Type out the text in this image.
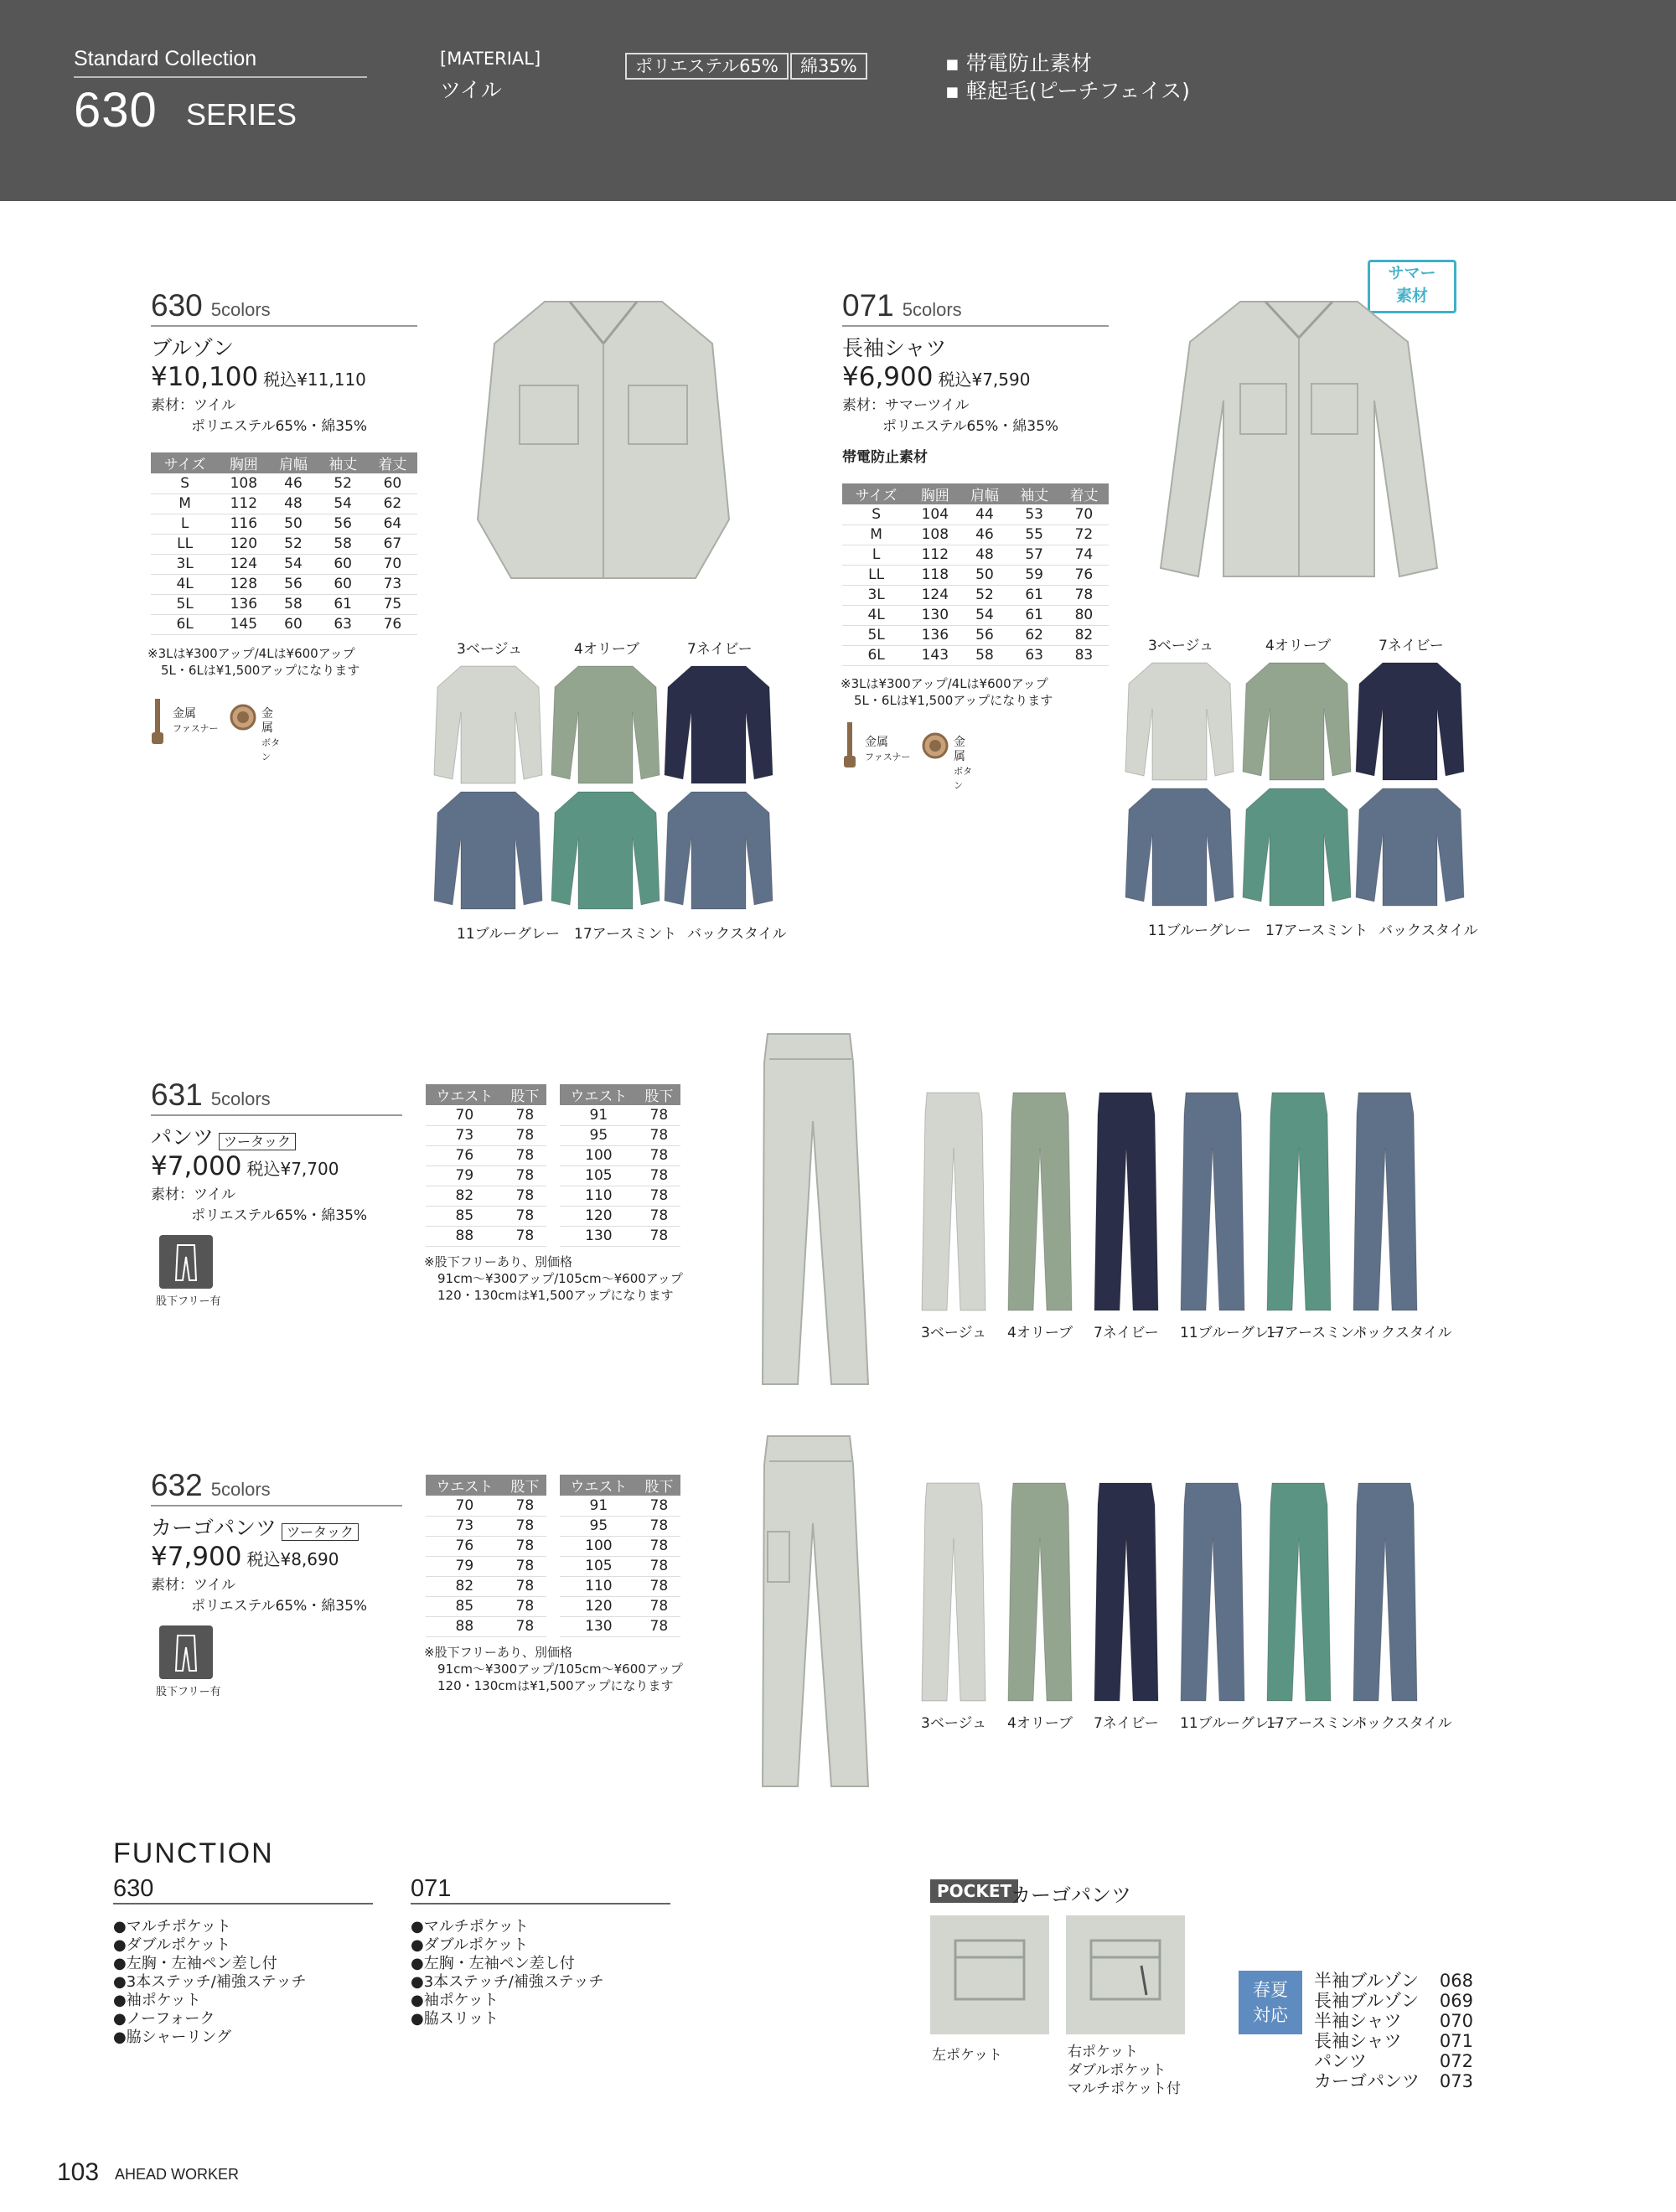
Standard Collection
630 SERIES
[MATERIAL]
ツイル
ポリエステル65%	綿35%	▪ 帯電防止素材
▪ 軽起毛(ピーチフェイス)
630 5colors
ブルゾン
¥10,100 税込¥11,110
素材：ツイル
ポリエステル65%・綿35%
サイズ	胸囲	肩幅	袖丈	着丈
S	108	46	52	60
M	112	48	54	62
L	116	50	56	64
LL	120	52	58	67
3L	124	54	60	70
4L	128	56	60	73
5L	136	58	61	75
6L	145	60	63	76
※3Lは¥300アップ/4Lは¥600アップ
5L・6Lは¥1,500アップになります
金属
ファスナー
金属
ボタン
3ベージュ	4オリーブ	7ネイビー
11ブルーグレー 17アースミント バックスタイル
071 5colors
長袖シャツ
¥6,900 税込¥7,590
素材：サマーツイル
ポリエステル65%・綿35%
帯電防止素材
サマー
素材
サイズ	胸囲	肩幅	袖丈	着丈
S	104	44	53	70
M	108	46	55	72
L	112	48	57	74
LL	118	50	59	76
3L	124	52	61	78
4L	130	54	61	80
5L	136	56	62	82
6L	143	58	63	83
※3Lは¥300アップ/4Lは¥600アップ
5L・6Lは¥1,500アップになります
金属
ファスナー
金属
ボタン
3ベージュ	4オリーブ	7ネイビー
11ブルーグレー 17アースミント バックスタイル
631 5colors
パンツ ツータック
¥7,000 税込¥7,700
素材：ツイル
ポリエステル65%・綿35%
股下フリー有
ウエスト	股下
70	78
73	78
76	78
79	78
82	78
85	78
88	78
ウエスト	股下
91	78
95	78
100	78
105	78
110	78
120	78
130	78
※股下フリーあり、別価格
91cm〜¥300アップ/105cm〜¥600アップ
120・130cmは¥1,500アップになります
3ベージュ 4オリーブ 7ネイビー 11ブルーグレー
17アースミント
バックスタイル
632 5colors
カーゴパンツ ツータック
¥7,900 税込¥8,690
素材：ツイル
ポリエステル65%・綿35%
股下フリー有
ウエスト	股下
70	78
73	78
76	78
79	78
82	78
85	78
88	78
ウエスト	股下
91	78
95	78
100	78
105	78
110	78
120	78
130	78
※股下フリーあり、別価格
91cm〜¥300アップ/105cm〜¥600アップ
120・130cmは¥1,500アップになります
3ベージュ 4オリーブ 7ネイビー 11ブルーグレー
17アースミント
バックスタイル
FUNCTION
630
●マルチポケット
●ダブルポケット
●左胸・左袖ペン差し付
●3本ステッチ/補強ステッチ
●袖ポケット
●ノーフォーク
●脇シャーリング
071
●マルチポケット
●ダブルポケット
●左胸・左袖ペン差し付
●3本ステッチ/補強ステッチ
●袖ポケット
●脇スリット
POCKET
カーゴパンツ
左ポケット	右ポケット
ダブルポケット
マルチポケット付
春夏
対応
半袖ブルゾン 068
長袖ブルゾン 069
半袖シャツ 070
長袖シャツ 071
パンツ	072
カーゴパンツ 073
103 AHEAD WORKER
